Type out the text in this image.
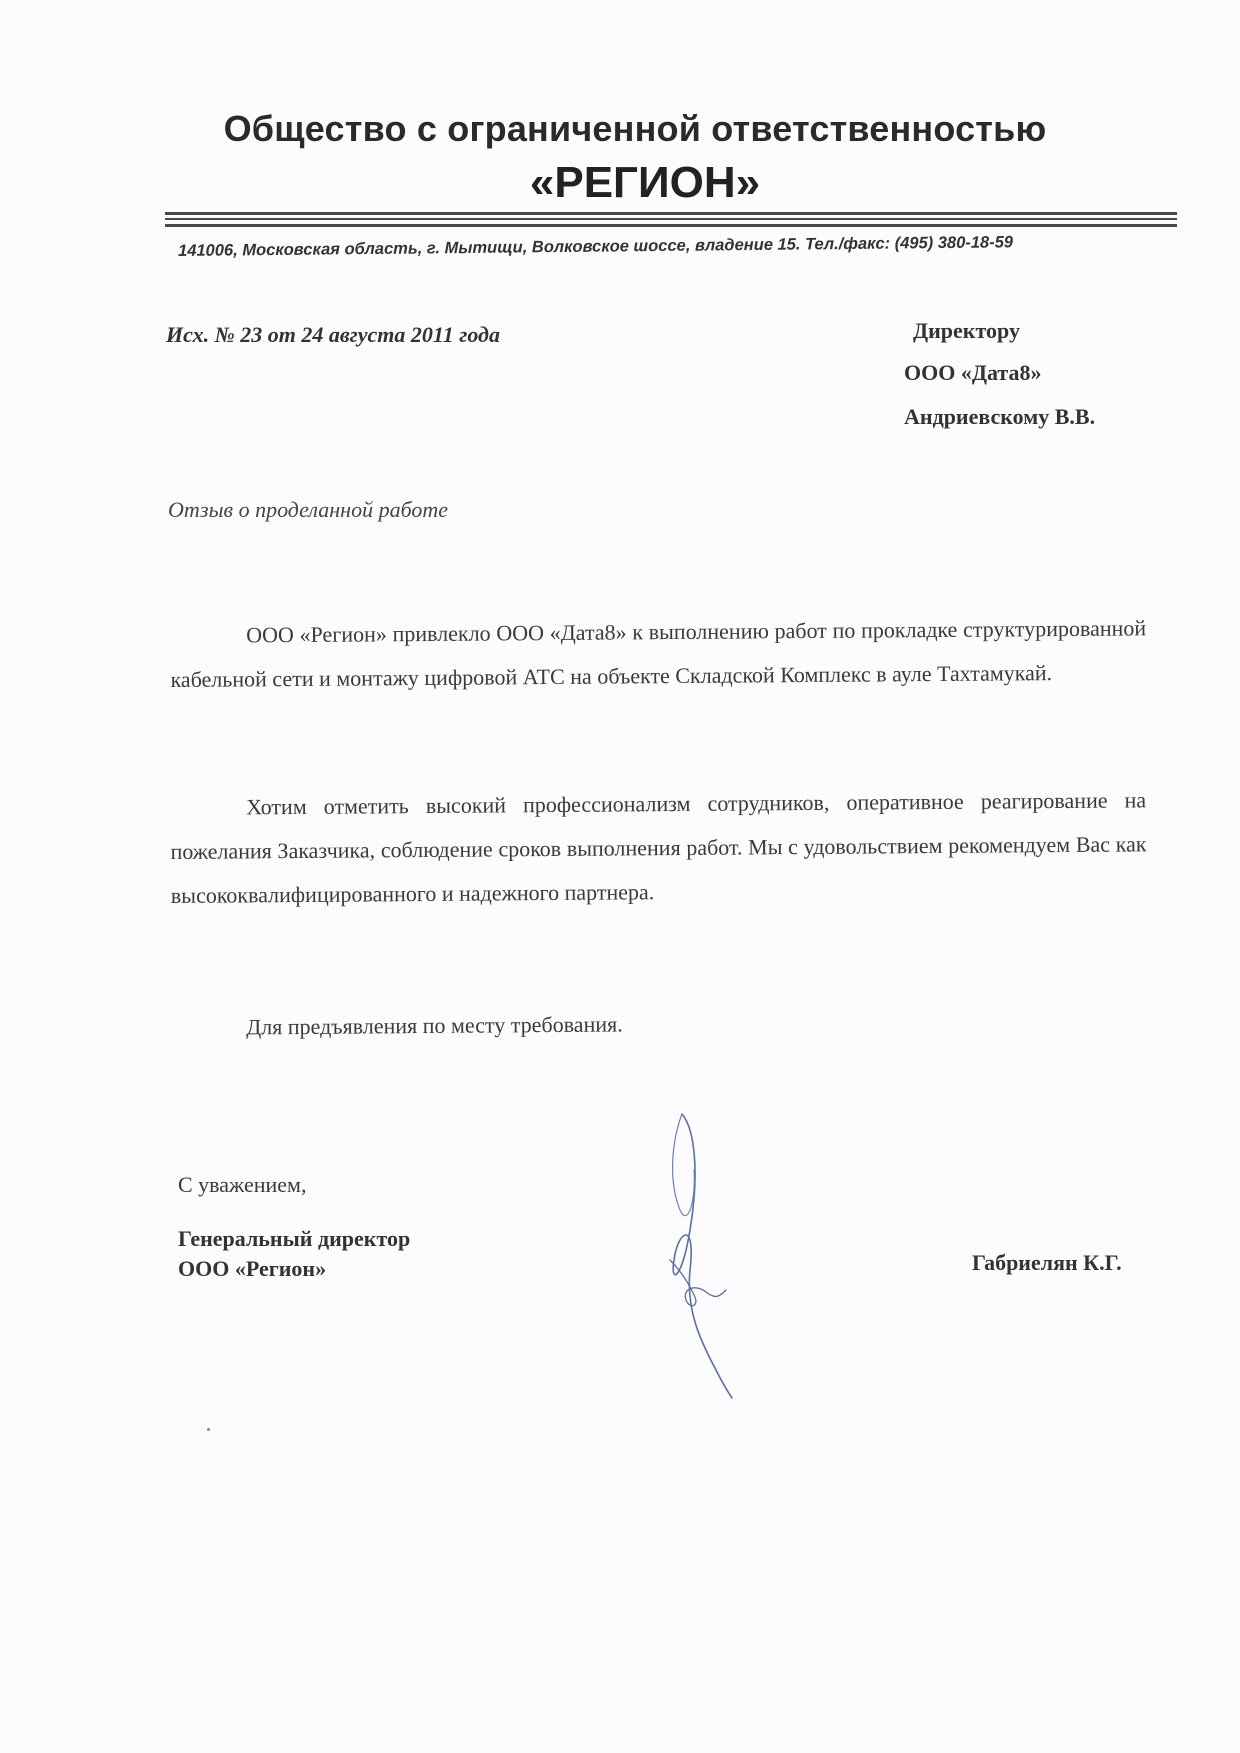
Общество с ограниченной ответственностью
«РЕГИОН»
141006, Московская область, г. Мытищи, Волковское шоссе, владение 15. Тел./факс: (495) 380-18-59
Исх. № 23 от 24 августа 2011 года	Директору
ООО «Дата8»
Андриевскому В.В.
Отзыв о проделанной работе
ООО «Регион» привлекло ООО «Дата8» к выполнению работ по прокладке структурированной кабельной сети и монтажу цифровой АТС на объекте Складской Комплекс в ауле Тахтамукай.
Хотим отметить высокий профессионализм сотрудников, оперативное реагирование на пожелания Заказчика, соблюдение сроков выполнения работ. Мы с удовольствием рекомендуем Вас как высококвалифицированного и надежного партнера.
Для предъявления по месту требования.
С уважением,
Генеральный директор
ООО «Регион»	Габриелян К.Г.
